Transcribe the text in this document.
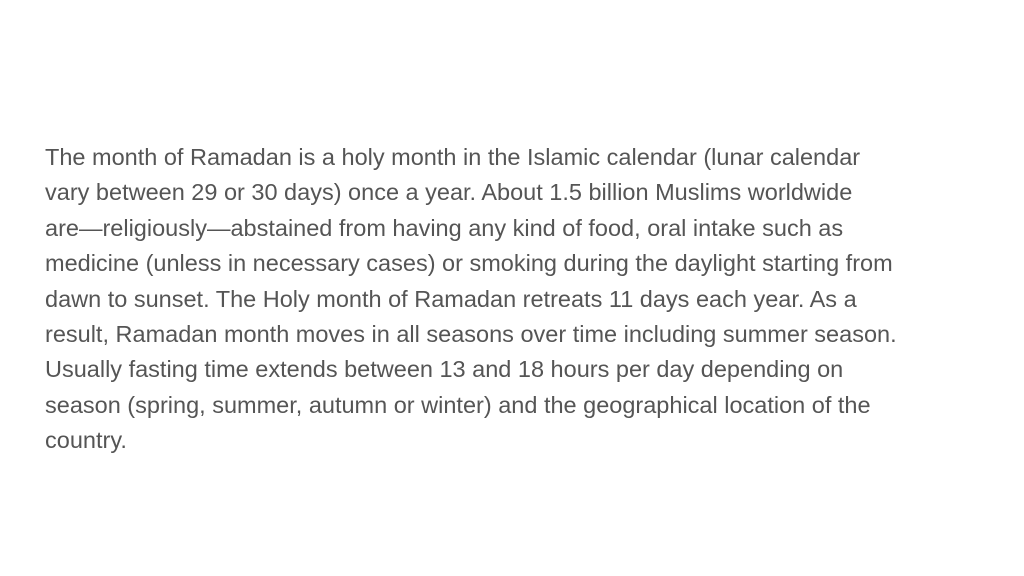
The month of Ramadan is a holy month in the Islamic calendar (lunar calendar
vary between 29 or 30 days) once a year. About 1.5 billion Muslims worldwide
are—religiously—abstained from having any kind of food, oral intake such as
medicine (unless in necessary cases) or smoking during the daylight starting from
dawn to sunset. The Holy month of Ramadan retreats 11 days each year. As a
result, Ramadan month moves in all seasons over time including summer season.
Usually fasting time extends between 13 and 18 hours per day depending on
season (spring, summer, autumn or winter) and the geographical location of the
country.
